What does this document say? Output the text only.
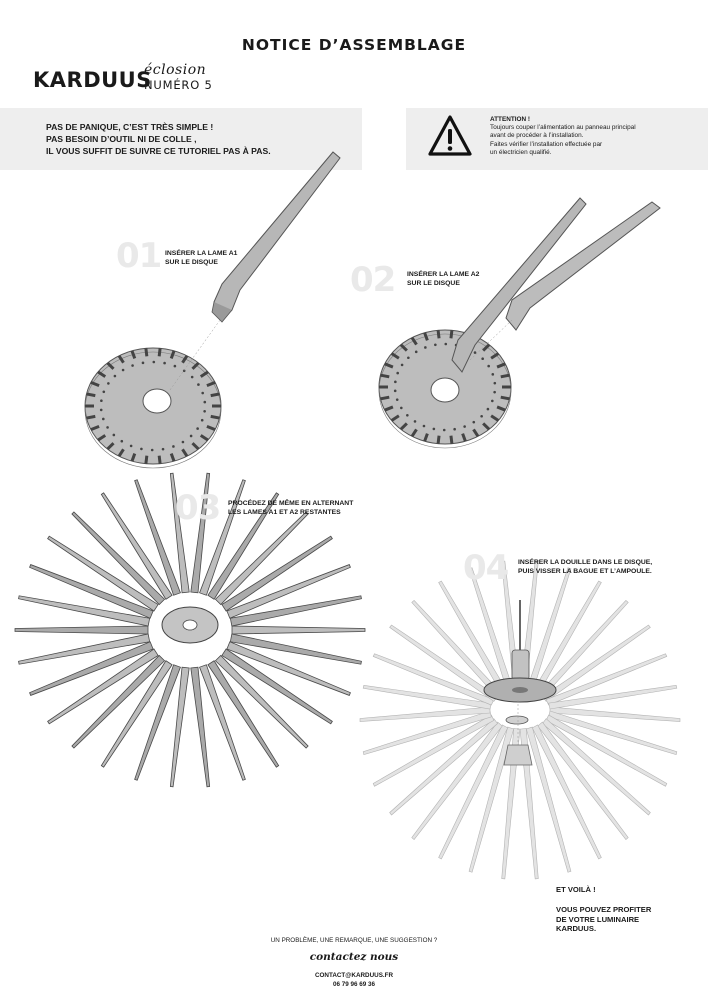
NOTICE D’ASSEMBLAGE
KARDUUS
éclosion
NUMÉRO 5
PAS DE PANIQUE, C’EST TRÈS SIMPLE !
PAS BESOIN D’OUTIL NI DE COLLE ,
IL VOUS SUFFIT DE SUIVRE CE TUTORIEL PAS À PAS.
ATTENTION !
Toujours couper l’alimentation au panneau principal
avant de procéder à l’installation.
Faites vérifier l’installation effectuée par
un électricien qualifié.
01 INSÉRER LA LAME A1
SUR LE DISQUE	02 INSÉRER LA LAME A2
SUR LE DISQUE
03 PROCÉDEZ DE MÊME EN ALTERNANT
LES LAMES A1 ET A2 RESTANTES
04 INSÉRER LA DOUILLE DANS LE DISQUE,
PUIS VISSER LA BAGUE ET L’AMPOULE.
ET VOILÀ !
VOUS POUVEZ PROFITER
DE VOTRE LUMINAIRE
KARDUUS.
UN PROBLÈME, UNE REMARQUE, UNE SUGGESTION ?
contactez nous
CONTACT@KARDUUS.FR
06 79 96 69 36
